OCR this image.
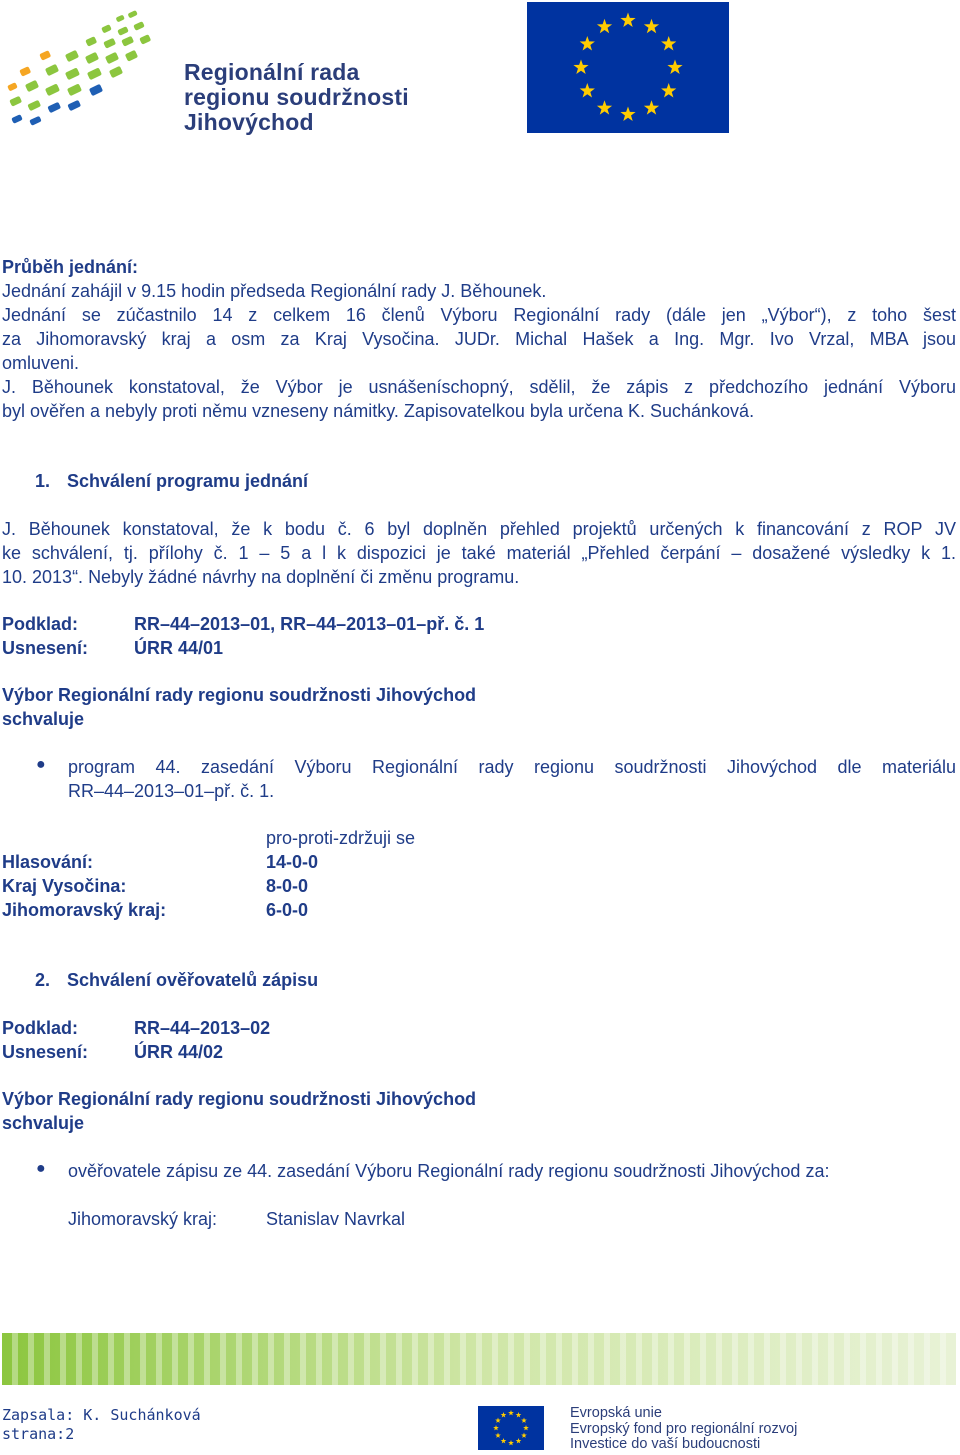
Regionální rada
regionu soudržnosti
Jihovýchod
Průběh jednání:
Jednání zahájil v 9.15 hodin předseda Regionální rady J. Běhounek.
Jednání se zúčastnilo 14 z celkem 16 členů Výboru Regionální rady (dále jen „Výbor“), z toho šest
za Jihomoravský kraj a osm za Kraj Vysočina. JUDr. Michal Hašek a Ing. Mgr. Ivo Vrzal, MBA jsou
omluveni.
J. Běhounek konstatoval, že Výbor je usnášeníschopný, sdělil, že zápis z předchozího jednání Výboru
byl ověřen a nebyly proti němu vzneseny námitky. Zapisovatelkou byla určena K. Suchánková.
1. Schválení programu jednání
J. Běhounek konstatoval, že k bodu č. 6 byl doplněn přehled projektů určených k financování z ROP JV
ke schválení, tj. přílohy č. 1 – 5 a l k dispozici je také materiál „Přehled čerpání – dosažené výsledky k 1.
10. 2013“. Nebyly žádné návrhy na doplnění či změnu programu.
Podklad:	RR–44–2013–01, RR–44–2013–01–př. č. 1
Usnesení:	ÚRR 44/01
Výbor Regionální rady regionu soudržnosti Jihovýchod
schvaluje
● program 44. zasedání Výboru Regionální rady regionu soudržnosti Jihovýchod dle materiálu
RR–44–2013–01–př. č. 1.
pro-proti-zdržuji se
Hlasování:	14-0-0
Kraj Vysočina:	8-0-0
Jihomoravský kraj:	6-0-0
2. Schválení ověřovatelů zápisu
Podklad:	RR–44–2013–02
Usnesení:	ÚRR 44/02
Výbor Regionální rady regionu soudržnosti Jihovýchod
schvaluje
● ověřovatele zápisu ze 44. zasedání Výboru Regionální rady regionu soudržnosti Jihovýchod za:
Jihomoravský kraj:	Stanislav Navrkal
Zapsala: K. Suchánková
strana:2
Evropská unie
Evropský fond pro regionální rozvoj
Investice do vaší budoucnosti
